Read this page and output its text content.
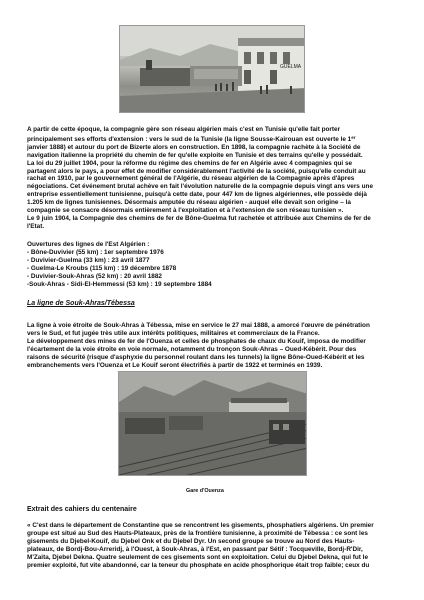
GUELMA
A partir de cette époque, la compagnie gère son réseau algérien mais c'est en Tunisie qu'elle fait porter
principalement ses efforts d'extension : vers le sud de la Tunisie (la ligne Sousse-Kairouan est ouverte le 1er
janvier 1888) et autour du port de Bizerte alors en construction. En 1898, la compagnie rachète à la Société de
navigation italienne la propriété du chemin de fer qu'elle exploite en Tunisie et des terrains qu'elle y possédait.
La loi du 29 juillet 1904, pour la réforme du régime des chemins de fer en Algérie avec 4 compagnies qui se
partagent alors le pays, a pour effet de modifier considérablement l'activité de la société, puisqu'elle conduit au
rachat en 1910, par le gouvernement général de l'Algérie, du réseau algérien de la Compagnie après d'âpres
négociations. Cet événement brutal achève en fait l'évolution naturelle de la compagnie depuis vingt ans vers une
entreprise essentiellement tunisienne, puisqu'à cette date, pour 447 km de lignes algériennes, elle possède déjà
1.205 km de lignes tunisiennes. Désormais amputée du réseau algérien - auquel elle devait son origine – la
compagnie se consacre désormais entièrement à l'exploitation et à l'extension de son réseau tunisien ».
Le 9 juin 1904, la Compagnie des chemins de fer de Bône-Guelma fut rachetée et attribuée aux Chemins de fer de
l'Etat.
Ouvertures des lignes de l'Est Algérien :
- Bône-Duvivier (55 km) : 1er septembre 1976
- Duvivier-Guelma (33 km) : 23 avril 1877
- Guelma-Le Kroubs (115 km) : 19 décembre 1878
- Duvivier-Souk-Ahras (52 km) : 20 avril 1882
-Souk-Ahras - Sidi-El-Hemmessi (53 km) : 19 septembre 1884
La ligne de Souk-Ahras/Tébessa
La ligne à voie étroite de Souk-Ahras à Tébessa, mise en service le 27 mai 1888, a amorcé l'œuvre de pénétration
vers le Sud, et fut jugée très utile aux intérêts politiques, militaires et commerciaux de la France.
Le développement des mines de fer de l'Ouenza et celles de phosphates de chaux du Kouif, imposa de modifier
l'écartement de la voie étroite en voie normale, notamment du tronçon Souk-Ahras – Oued-Kébérit. Pour des
raisons de sécurité (risque d'asphyxie du personnel roulant dans les tunnels) la ligne Bône-Oued-Kébérit et les
embranchements vers l'Ouenza et Le Kouif seront électrifiés à partir de 1922 et terminés en 1939.
Gare d'Ouenza
Extrait des cahiers du centenaire
« C'est dans le département de Constantine que se rencontrent les gisements, phosphatiers algériens. Un premier
groupe est situé au Sud des Hauts-Plateaux, près de la frontière tunisienne, à proximité de Tébessa : ce sont les
gisements du Djebel-Kouif, du Djebel Onk et du Djebel Dyr. Un second groupe se trouve au Nord des Hauts-
plateaux, de Bordj-Bou-Arreridj, à l'Ouest, à Souk-Ahras, à l'Est, en passant par Sétif : Tocqueville, Bordj-R'Dir,
M'Zaita, Djebel Dekna. Quatre seulement de ces gisements sont en exploitation. Celui du Djebel Dekna, qui fut le
premier exploité, fut vite abandonné, car la teneur du phosphate en acide phosphorique était trop faible; ceux du
